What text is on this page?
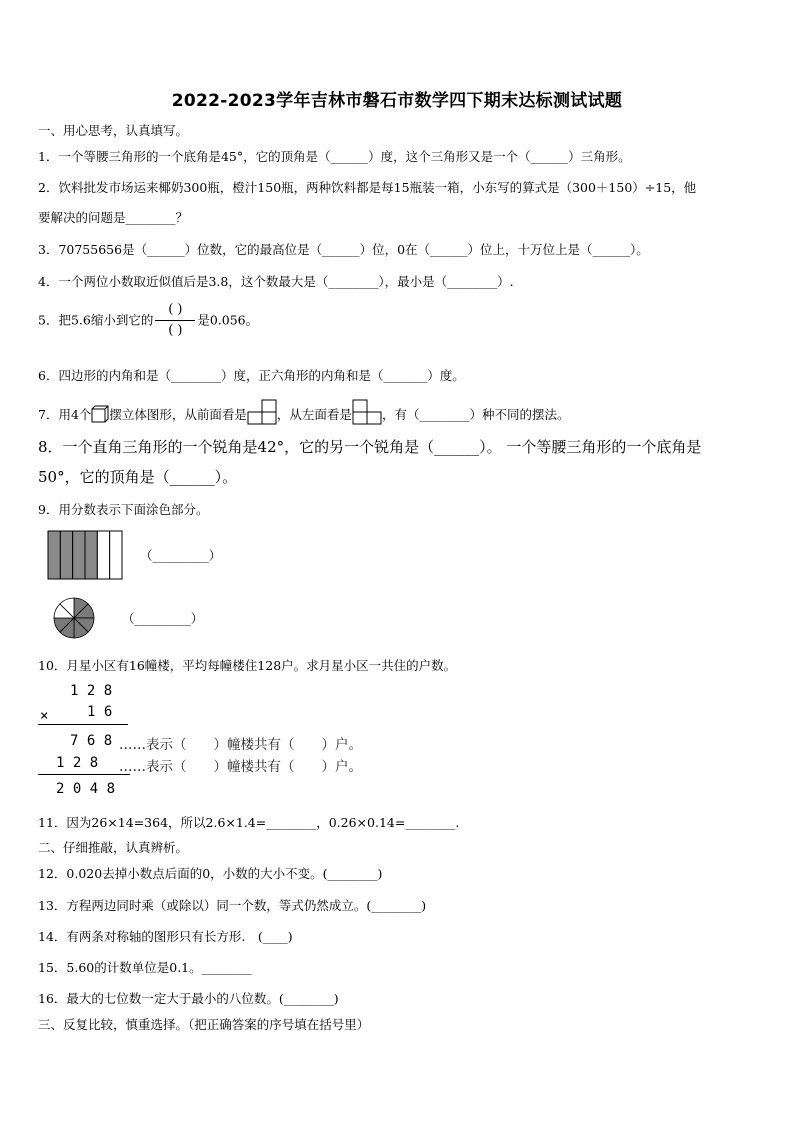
2022-2023学年吉林市磐石市数学四下期末达标测试试题
一、用心思考，认真填写。
1．一个等腰三角形的一个底角是45°，它的顶角是（______）度，这个三角形又是一个（______）三角形。
2．饮料批发市场运来椰奶300瓶，橙汁150瓶，两种饮料都是每15瓶装一箱，小东写的算式是（300＋150）÷15，他
要解决的问题是________？
3．70755656是（______）位数，它的最高位是（______）位，0在（______）位上，十万位上是（______）。
4．一个两位小数取近似值后是3.8，这个数最大是（________），最小是（________）.
5．把5.6缩小到它的 $\frac{( )}{( )}$ 是0.056。
6．四边形的内角和是（________）度，正六角形的内角和是（_______）度。
7．用4个 摆立体图形，从前面看是 ，从左面看是 ，有（________）种不同的摆法。
8．一个直角三角形的一个锐角是42°，它的另一个锐角是（______）。 一个等腰三角形的一个底角是
50°，它的顶角是（______）。
9．用分数表示下面涂色部分。
（_________）
（_________）
10．月星小区有16幢楼，平均每幢楼住128户。求月星小区一共住的户数。
1 2 8
×	1 6
7 6 8 ……表示（　　）幢楼共有（　　）户。
1 2 8 ……表示（　　）幢楼共有（　　）户。
2 0 4 8
11．因为26×14=364，所以2.6×1.4=________，0.26×0.14=________.
二、仔细推敲，认真辨析。
12．0.020去掉小数点后面的0，小数的大小不变。(________)
13．方程两边同时乘（或除以）同一个数，等式仍然成立。(________)
14．有两条对称轴的图形只有长方形.　(____)
15．5.60的计数单位是0.1。________
16．最大的七位数一定大于最小的八位数。(________)
三、反复比较，慎重选择。（把正确答案的序号填在括号里）
